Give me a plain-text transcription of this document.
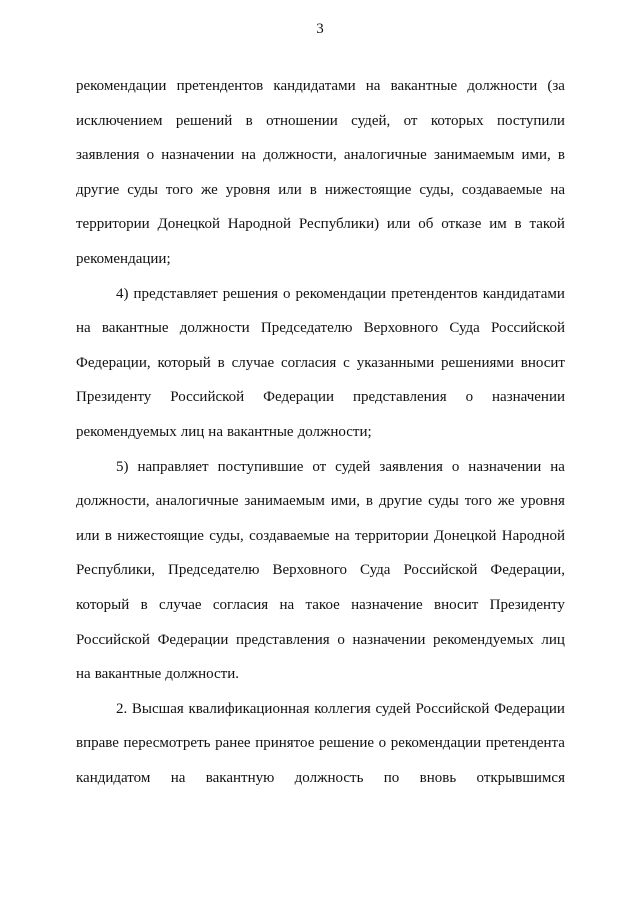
3
рекомендации претендентов кандидатами на вакантные должности (за
исключением решений в отношении судей, от которых поступили
заявления о назначении на должности, аналогичные занимаемым ими, в
другие суды того же уровня или в нижестоящие суды, создаваемые на
территории Донецкой Народной Республики) или об отказе им в такой
рекомендации;
4) представляет решения о рекомендации претендентов кандидатами
на вакантные должности Председателю Верховного Суда Российской
Федерации, который в случае согласия с указанными решениями вносит
Президенту Российской Федерации представления о назначении
рекомендуемых лиц на вакантные должности;
5) направляет поступившие от судей заявления о назначении на
должности, аналогичные занимаемым ими, в другие суды того же уровня
или в нижестоящие суды, создаваемые на территории Донецкой Народной
Республики, Председателю Верховного Суда Российской Федерации,
который в случае согласия на такое назначение вносит Президенту
Российской Федерации представления о назначении рекомендуемых лиц
на вакантные должности.
2. Высшая квалификационная коллегия судей Российской Федерации
вправе пересмотреть ранее принятое решение о рекомендации претендента
кандидатом на вакантную должность по вновь открывшимся
